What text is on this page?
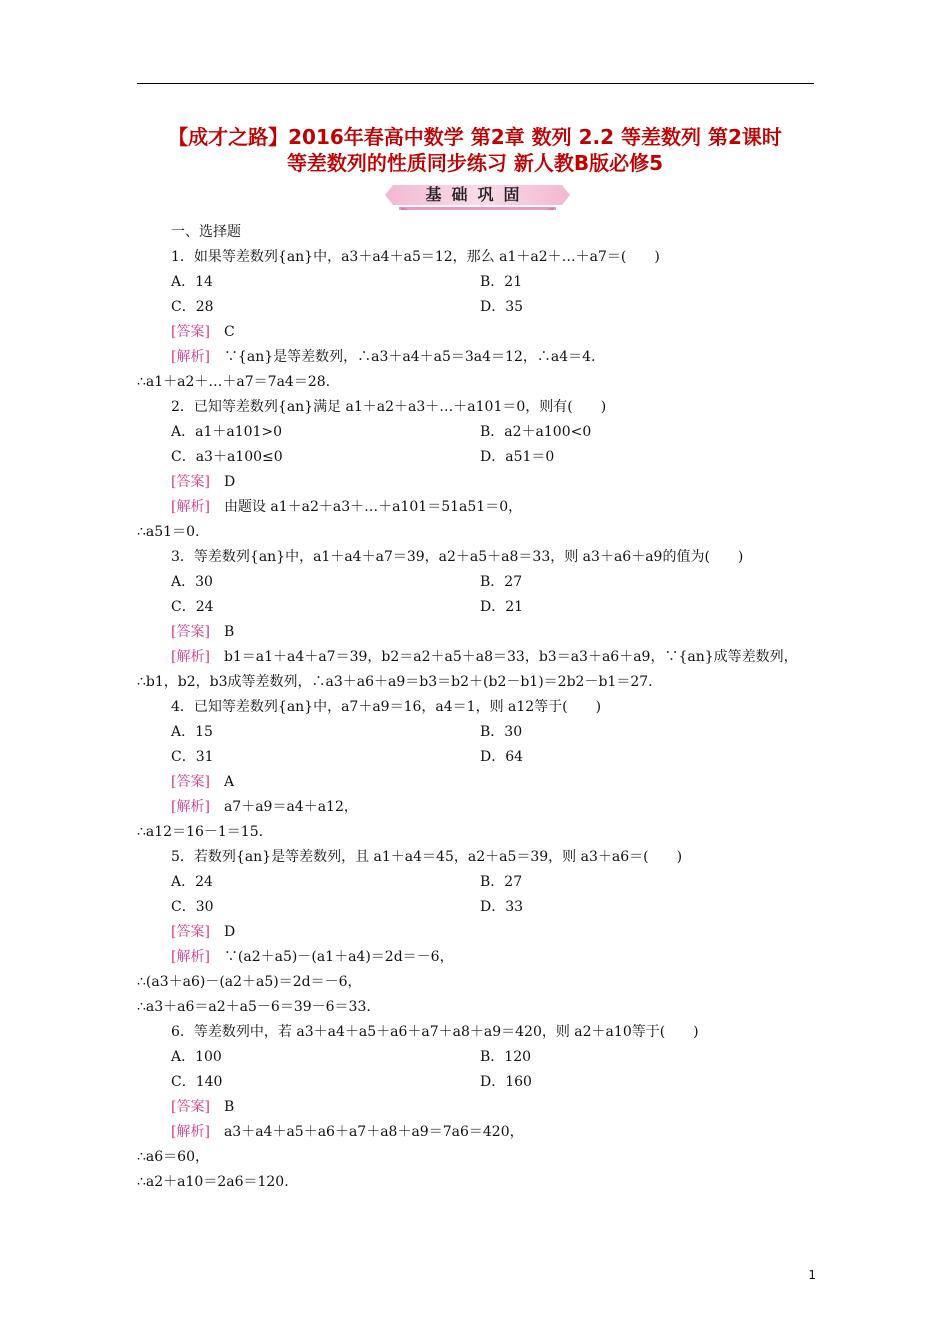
【成才之路】2016年春高中数学 第2章 数列 2.2 等差数列 第2课时
等差数列的性质同步练习 新人教B版必修5
基础巩固
一、选择题
1．如果等差数列{an}中，a3＋a4＋a5＝12，那么 a1＋a2＋…＋a7＝(　　)
A．14	B．21
C．28	D．35
[答案]　 C
[解析]　 ∵{an}是等差数列，∴a3＋a4＋a5＝3a4＝12，∴a4＝4.
∴a1＋a2＋…＋a7＝7a4＝28.
2．已知等差数列{an}满足 a1＋a2＋a3＋…＋a101＝0，则有(　　)
A．a1＋a101>0	B．a2＋a100<0
C．a3＋a100≤0	D．a51＝0
[答案]　 D
[解析]　 由题设 a1＋a2＋a3＋…＋a101＝51a51＝0，
∴a51＝0.
3．等差数列{an}中，a1＋a4＋a7＝39，a2＋a5＋a8＝33，则 a3＋a6＋a9的值为(　　)
A．30	B．27
C．24	D．21
[答案]　 B
[解析]　 b1＝a1＋a4＋a7＝39，b2＝a2＋a5＋a8＝33，b3＝a3＋a6＋a9，∵{an}成等差数列，
∴b1，b2，b3成等差数列，∴a3＋a6＋a9＝b3＝b2＋(b2－b1)＝2b2－b1＝27.
4．已知等差数列{an}中，a7＋a9＝16，a4＝1，则 a12等于(　　)
A．15	B．30
C．31	D．64
[答案]　 A
[解析]　 a7＋a9＝a4＋a12，
∴a12＝16－1＝15.
5．若数列{an}是等差数列，且 a1＋a4＝45，a2＋a5＝39，则 a3＋a6＝(　　)
A．24	B．27
C．30	D．33
[答案]　 D
[解析]　 ∵(a2＋a5)－(a1＋a4)＝2d＝－6，
∴(a3＋a6)－(a2＋a5)＝2d＝－6，
∴a3＋a6＝a2＋a5－6＝39－6＝33.
6．等差数列中，若 a3＋a4＋a5＋a6＋a7＋a8＋a9＝420，则 a2＋a10等于(　　)
A．100	B．120
C．140	D．160
[答案]　 B
[解析]　 a3＋a4＋a5＋a6＋a7＋a8＋a9＝7a6＝420，
∴a6＝60，
∴a2＋a10＝2a6＝120.
1
